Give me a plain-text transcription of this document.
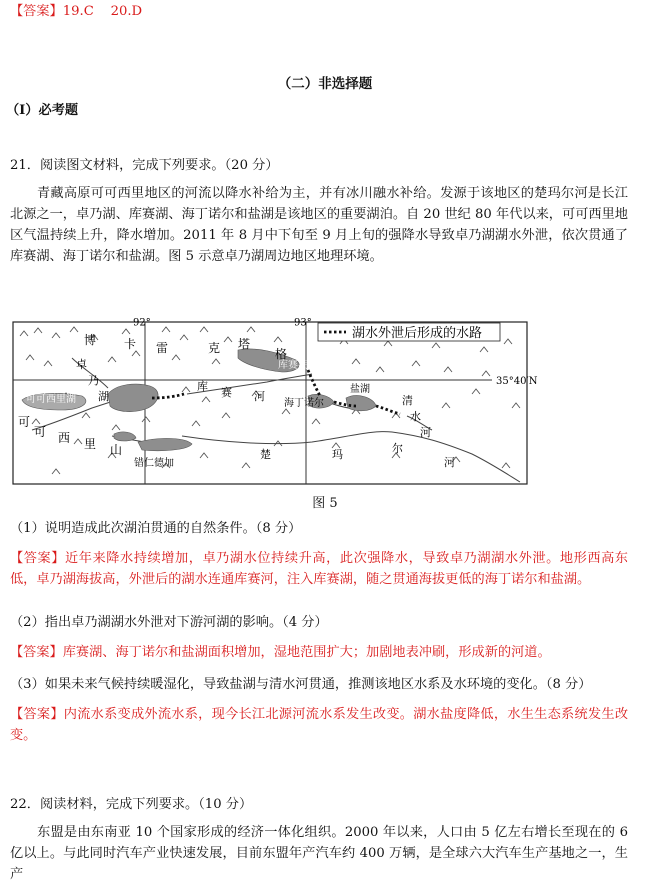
【答案】19.C    20.D
（二）非选择题
（Ⅰ）必考题
21．阅读图文材料，完成下列要求。（20 分）
青藏高原可可西里地区的河流以降水补给为主，并有冰川融水补给。发源于该地区的楚玛尔河是长江北源之一，卓乃湖、库赛湖、海丁诺尔和盐湖是该地区的重要湖泊。自 20 世纪 80 年代以来，可可西里地区气温持续上升，降水增加。2011 年 8 月中下旬至 9 月上旬的强降水导致卓乃湖湖水外泄，依次贯通了库赛湖、海丁诺尔和盐湖。图 5 示意卓乃湖周边地区地理环境。
湖水外泄后形成的水路
92°	93°
35°40′N
博 卡 雷	克 塔
格
卓
乃
湖
可可西里湖
库 赛 河
库赛湖
海丁诺尔
盐湖
清
水
河
可
可 西 里 山
错仁德加
楚	玛	尔
河
图 5
（1）说明造成此次湖泊贯通的自然条件。（8 分）
【答案】近年来降水持续增加，卓乃湖水位持续升高，此次强降水，导致卓乃湖湖水外泄。地形西高东低，卓乃湖海拔高，外泄后的湖水连通库赛河，注入库赛湖，随之贯通海拔更低的海丁诺尔和盐湖。
（2）指出卓乃湖湖水外泄对下游河湖的影响。（4 分）
【答案】库赛湖、海丁诺尔和盐湖面积增加，湿地范围扩大；加剧地表冲刷，形成新的河道。
（3）如果未来气候持续暖湿化，导致盐湖与清水河贯通，推测该地区水系及水环境的变化。（8 分）
【答案】内流水系变成外流水系，现今长江北源河流水系发生改变。湖水盐度降低，水生生态系统发生改变。
22．阅读材料，完成下列要求。（10 分）
东盟是由东南亚 10 个国家形成的经济一体化组织。2000 年以来，人口由 5 亿左右增长至现在的 6 亿以上。与此同时汽车产业快速发展，目前东盟年产汽车约 400 万辆，是全球六大汽车生产基地之一，生产
